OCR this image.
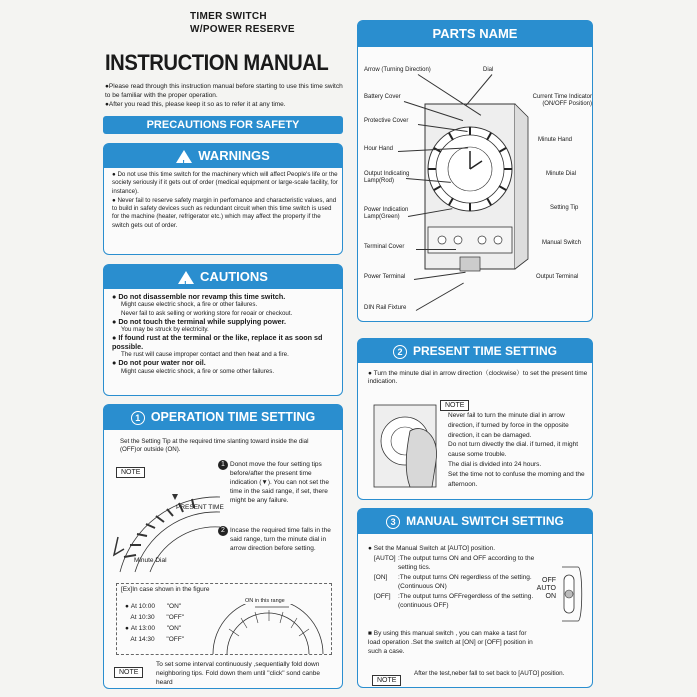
TIMER SWITCH
W/POWER RESERVE
INSTRUCTION MANUAL

●Please read through this instruction manual before starting to use this time switch to be familiar with the proper operation.

●After you read this, please keep it so as to refer it at any time.

PRECAUTIONS FOR SAFETY
!WARNINGS

● Do not use this time switch for the machinery which will affect People's life or the society seriously if it gets out of order (medical equipment or large-scale facility, for instance).

● Never fail to reserve safety margin in perfomance and characteristic values, and to build in safety devices such as redundant circuit when this time switch is used for the machine (heater, refrigerator etc.) which may affect the property if the switch gets out of order.

!CAUTIONS

● Do not disassemble nor revamp this time switch.

Might cause electric shock, a fire or other failures.

Never fail to ask selling or working store for reoair or checkout.

● Do not touch the terminal while supplying power.

You may be struck by electricity.

● If found rust at the terminal or the like, replace it as soon sd possible.

The rust will cause improper contact and then heat and a fire.

● Do not pour water nor oil.

Might cause electric shock, a fire or some other failures.

1 OPERATION TIME SETTING
Set the Setting Tip at the required time slanting toward inside the dial (OFF)or outside (ON).
NOTE
PRESENT TIME
Minute Dial
1 Donot move the four setting tips before/after the present time indication (▼). You can not set the time in the said range, if set, there might be any failure.
2 Incase the required time falls in the said range, turn the minute dial in arrow direction before setting.
[Ex]In case shown in the figure
● At 10:00 "ON"
At 10:30 "OFF"
● At 13:00 "ON"
At 14:30 "OFF"
ON in this range
NOTE
To set some interval continuously ,sequentially fold down neighboring tips. Fold down them until "click" sond canbe heard
PARTS NAME
Arrow (Turning Direction)	Dial
Battery Cover
Protective Cover
Hour Hand
Output Indicating Lamp(Rod)
Power Indication Lamp(Green)
Terminal Cover
Power Terminal
DIN Rail Fixture
Current Time Indicator (ON/OFF Position)
Minute Hand
Minute Dial
Setting Tip
Manual Switch
Output Terminal
2 PRESENT TIME SETTING
● Turn the minute dial in arrow direction（clockwise）to set the present time indication.
NOTE

Never fail to turn the minute dial in arrow direction, if turned by force in the opposite direction, it can be damaged.

Do not turn divectly the dial. if turned, it might cause some trouble.

The dial is divided into 24 hours.

Set the time not to confuse the moming and the afternoon.

3 MANUAL SWITCH SETTING
● Set the Manual Switch at [AUTO] position.
[AUTO] :The output turns ON and OFF according to the setting tics.
[ON]	:The output turns ON regerdless of the setting. (Continuous ON)
[OFF]	:The output turns OFFregerdless of the setting. (continuous OFF)
OFF
AUTO
ON
■ By using this manual switch , you can make a tast for load operation .Set the switch at [ON] or [OFF] position in such a case.
NOTE
After the test,neber fall to set back to [AUTO] position.
